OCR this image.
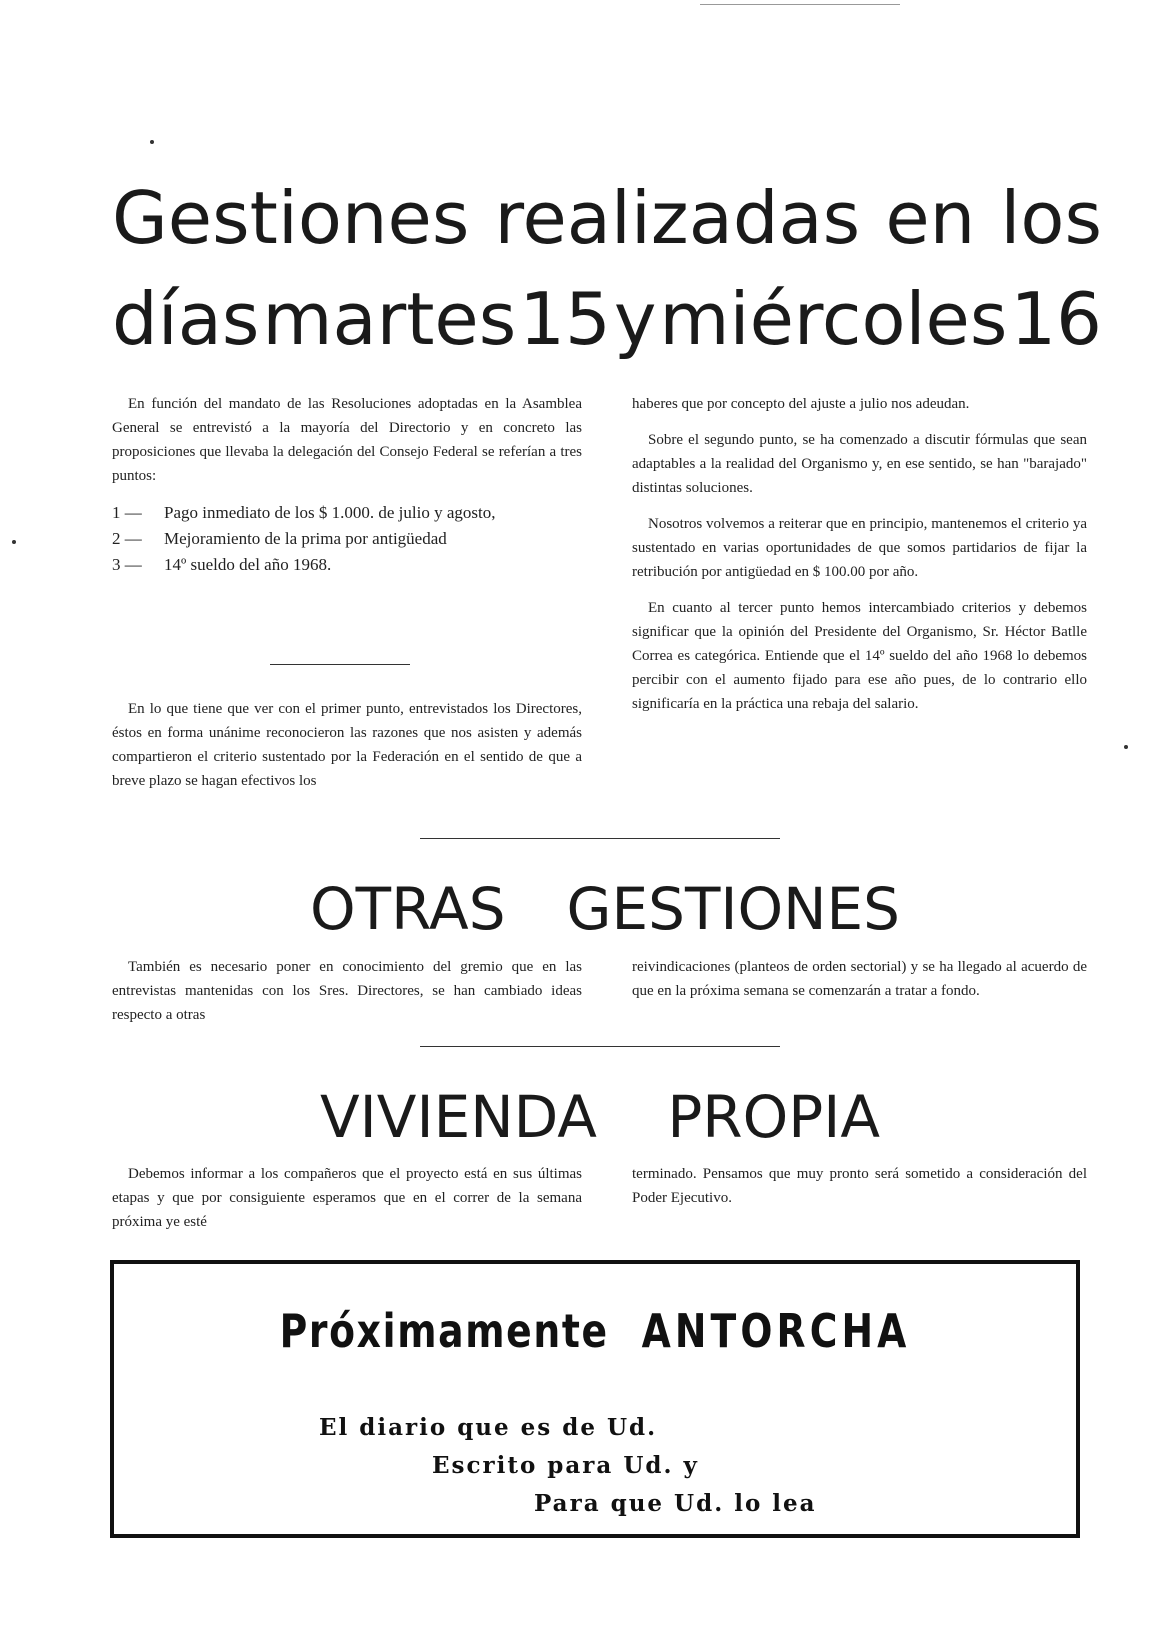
Gestiones realizadas en los
días martes 15 y miércoles 16

En función del mandato de las Resoluciones adoptadas en la Asamblea General se entrevistó a la mayoría del Directorio y en concreto las proposiciones que llevaba la delegación del Consejo Federal se referían a tres puntos:

1 —	Pago inmediato de los $ 1.000. de julio y agosto,
2 —	Mejoramiento de la prima por antigüedad
3 —	14º sueldo del año 1968.

En lo que tiene que ver con el primer punto, entrevistados los Directores, éstos en forma unánime reconocieron las razones que nos asisten y además compartieron el criterio sustentado por la Federación en el sentido de que a breve plazo se hagan efectivos los

haberes que por concepto del ajuste a julio nos adeudan.

Sobre el segundo punto, se ha comenzado a discutir fórmulas que sean adaptables a la realidad del Organismo y, en ese sentido, se han "barajado" distintas soluciones.

Nosotros volvemos a reiterar que en principio, mantenemos el criterio ya sustentado en varias oportunidades de que somos partidarios de fijar la retribución por antigüedad en $ 100.00 por año.

En cuanto al tercer punto hemos intercambiado criterios y debemos significar que la opinión del Presidente del Organismo, Sr. Héctor Batlle Correa es categórica. Entiende que el 14º sueldo del año 1968 lo debemos percibir con el aumento fijado para ese año pues, de lo contrario ello significaría en la práctica una rebaja del salario.

OTRAS GESTIONES

También es necesario poner en conocimiento del gremio que en las entrevistas mantenidas con los Sres. Directores, se han cambiado ideas respecto a otras

reivindicaciones (planteos de orden sectorial) y se ha llegado al acuerdo de que en la próxima semana se comenzarán a tratar a fondo.

VIVIENDA PROPIA

Debemos informar a los compañeros que el proyecto está en sus últimas etapas y que por consiguiente esperamos que en el correr de la semana próxima ye esté

terminado. Pensamos que muy pronto será sometido a consideración del Poder Ejecutivo.

Próximamente ANTORCHA
El diario que es de Ud.
Escrito para Ud. y
Para que Ud. lo lea
